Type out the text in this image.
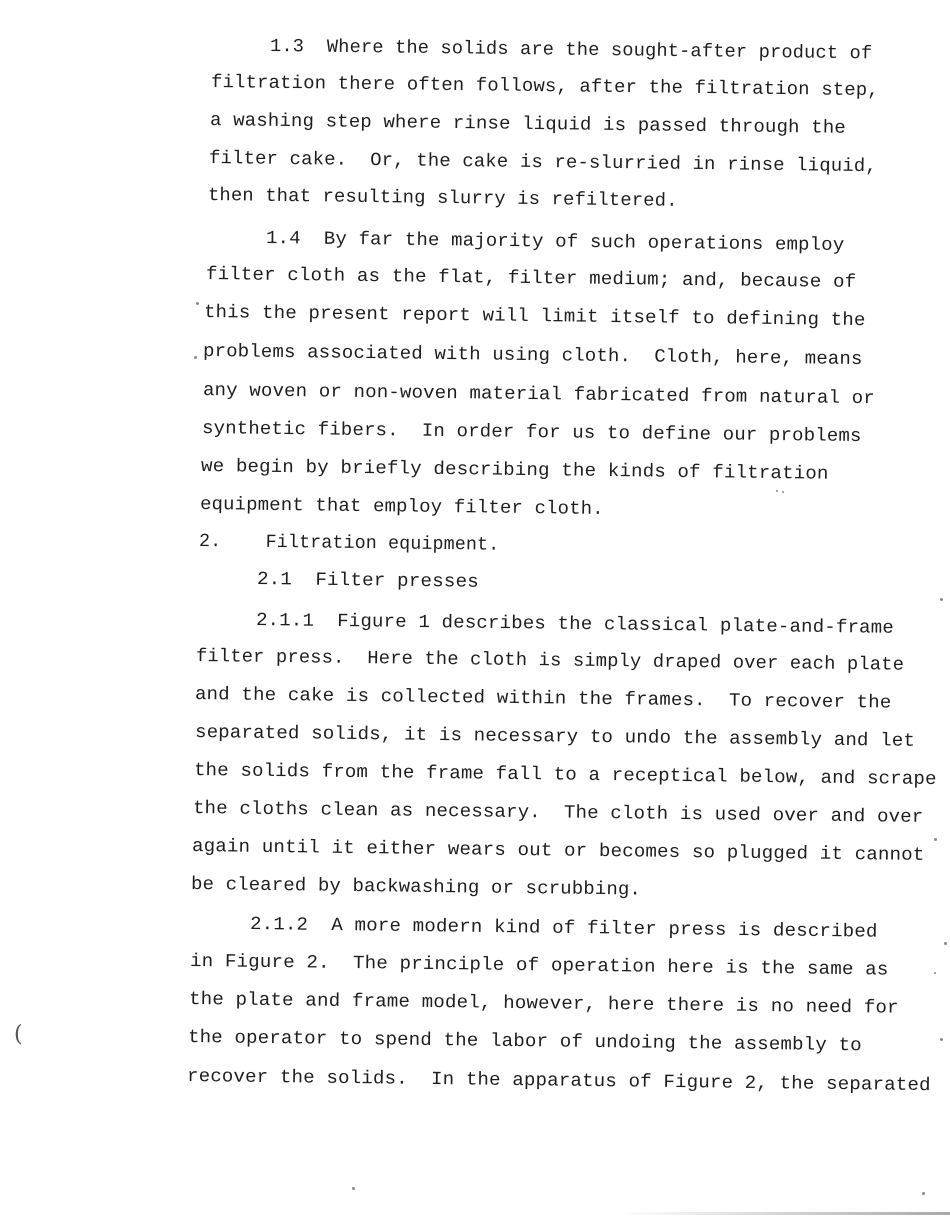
1.3  Where the solids are the sought-after product of
filtration there often follows, after the filtration step,
a washing step where rinse liquid is passed through the
filter cake.  Or, the cake is re-slurried in rinse liquid,
then that resulting slurry is refiltered.
1.4  By far the majority of such operations employ
filter cloth as the flat, filter medium; and, because of
this the present report will limit itself to defining the
problems associated with using cloth.  Cloth, here, means
any woven or non-woven material fabricated from natural or
synthetic fibers.  In order for us to define our problems
we begin by briefly describing the kinds of filtration
equipment that employ filter cloth.
2.    Filtration equipment.
2.1  Filter presses
2.1.1  Figure 1 describes the classical plate-and-frame
filter press.  Here the cloth is simply draped over each plate
and the cake is collected within the frames.  To recover the
separated solids, it is necessary to undo the assembly and let
the solids from the frame fall to a receptical below, and scrape
the cloths clean as necessary.  The cloth is used over and over
again until it either wears out or becomes so plugged it cannot
be cleared by backwashing or scrubbing.
2.1.2  A more modern kind of filter press is described
in Figure 2.  The principle of operation here is the same as
the plate and frame model, however, here there is no need for
the operator to spend the labor of undoing the assembly to
recover the solids.  In the apparatus of Figure 2, the separated
(
